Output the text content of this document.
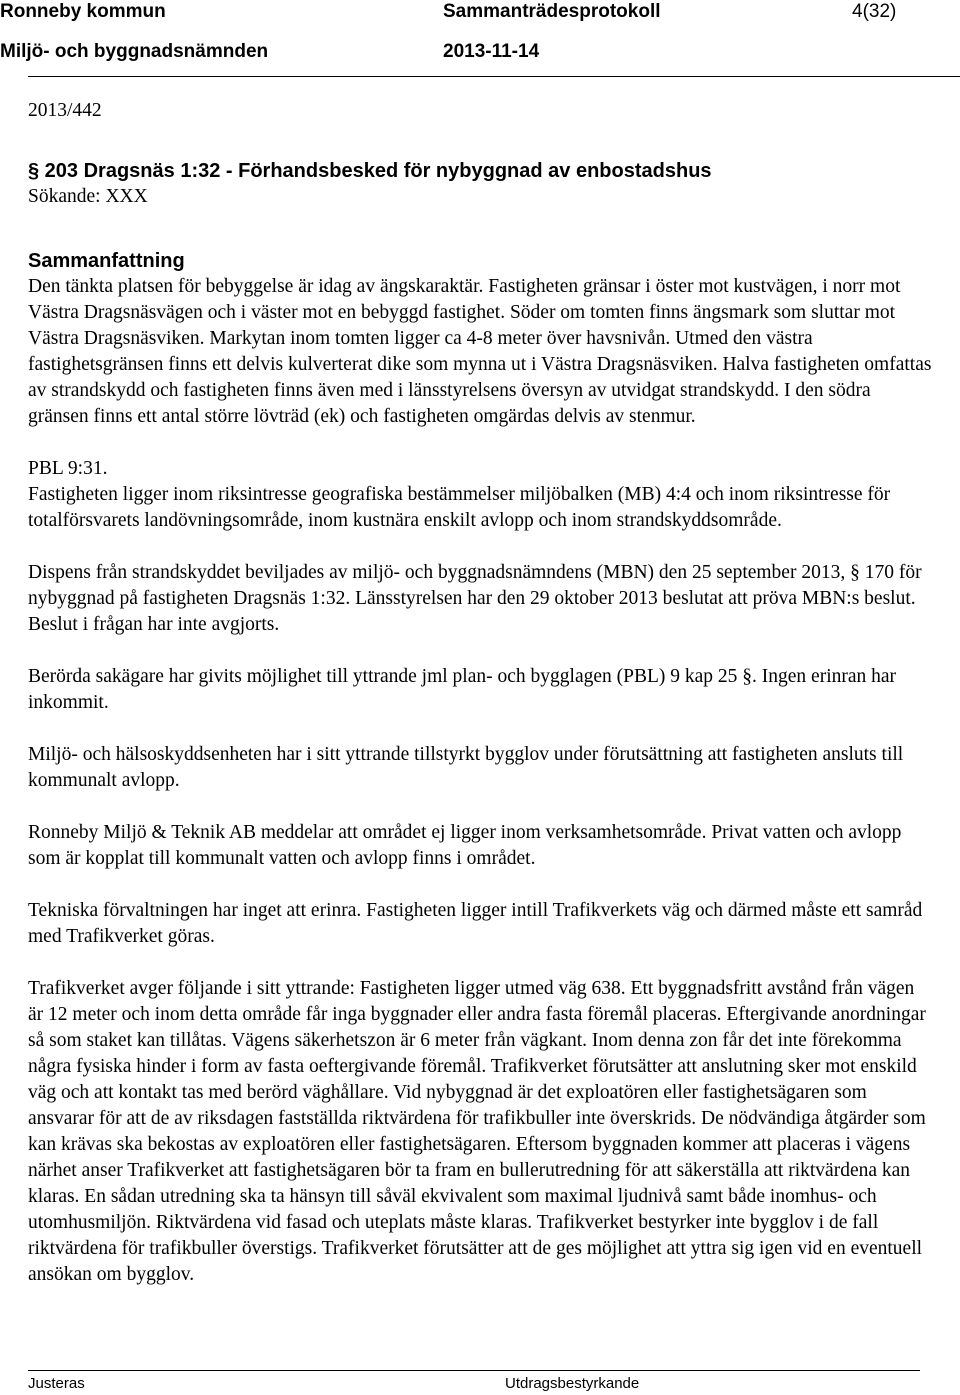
Ronneby kommun	Sammanträdesprotokoll	4(32)
Miljö- och byggnadsnämnden	2013-11-14

2013/442

§ 203 Dragsnäs 1:32 - Förhandsbesked för nybyggnad av enbostadshus

Sökande: XXX

Sammanfattning

Den tänkta platsen för bebyggelse är idag av ängskaraktär. Fastigheten gränsar i öster mot kustvägen, i norr mot Västra Dragsnäsvägen och i väster mot en bebyggd fastighet. Söder om tomten finns ängsmark som sluttar mot Västra Dragsnäsviken. Markytan inom tomten ligger ca 4-8 meter över havsnivån. Utmed den västra fastighetsgränsen finns ett delvis kulverterat dike som mynna ut i Västra Dragsnäsviken. Halva fastigheten omfattas av strandskydd och fastigheten finns även med i länsstyrelsens översyn av utvidgat strandskydd. I den södra gränsen finns ett antal större lövträd (ek) och fastigheten omgärdas delvis av stenmur.

PBL 9:31.

Fastigheten ligger inom riksintresse geografiska bestämmelser miljöbalken (MB) 4:4 och inom riksintresse för totalförsvarets landövningsområde, inom kustnära enskilt avlopp och inom strandskyddsområde.

Dispens från strandskyddet beviljades av miljö- och byggnadsnämndens (MBN) den 25 september 2013, § 170 för nybyggnad på fastigheten Dragsnäs 1:32. Länsstyrelsen har den 29 oktober 2013 beslutat att pröva MBN:s beslut. Beslut i frågan har inte avgjorts.

Berörda sakägare har givits möjlighet till yttrande jml plan- och bygglagen (PBL) 9 kap 25 §. Ingen erinran har inkommit.

Miljö- och hälsoskyddsenheten har i sitt yttrande tillstyrkt bygglov under förutsättning att fastigheten ansluts till kommunalt avlopp.

Ronneby Miljö & Teknik AB meddelar att området ej ligger inom verksamhetsområde. Privat vatten och avlopp som är kopplat till kommunalt vatten och avlopp finns i området.

Tekniska förvaltningen har inget att erinra. Fastigheten ligger intill Trafikverkets väg och därmed måste ett samråd med Trafikverket göras.

Trafikverket avger följande i sitt yttrande: Fastigheten ligger utmed väg 638. Ett byggnadsfritt avstånd från vägen är 12 meter och inom detta område får inga byggnader eller andra fasta föremål placeras. Eftergivande anordningar så som staket kan tillåtas. Vägens säkerhetszon är 6 meter från vägkant. Inom denna zon får det inte förekomma några fysiska hinder i form av fasta oeftergivande föremål. Trafikverket förutsätter att anslutning sker mot enskild väg och att kontakt tas med berörd väghållare. Vid nybyggnad är det exploatören eller fastighetsägaren som ansvarar för att de av riksdagen fastställda riktvärdena för trafikbuller inte överskrids. De nödvändiga åtgärder som kan krävas ska bekostas av exploatören eller fastighetsägaren. Eftersom byggnaden kommer att placeras i vägens närhet anser Trafikverket att fastighetsägaren bör ta fram en bullerutredning för att säkerställa att riktvärdena kan klaras. En sådan utredning ska ta hänsyn till såväl ekvivalent som maximal ljudnivå samt både inomhus- och utomhusmiljön. Riktvärdena vid fasad och uteplats måste klaras. Trafikverket bestyrker inte bygglov i de fall riktvärdena för trafikbuller överstigs. Trafikverket förutsätter att de ges möjlighet att yttra sig igen vid en eventuell ansökan om bygglov.

Justeras	Utdragsbestyrkande
